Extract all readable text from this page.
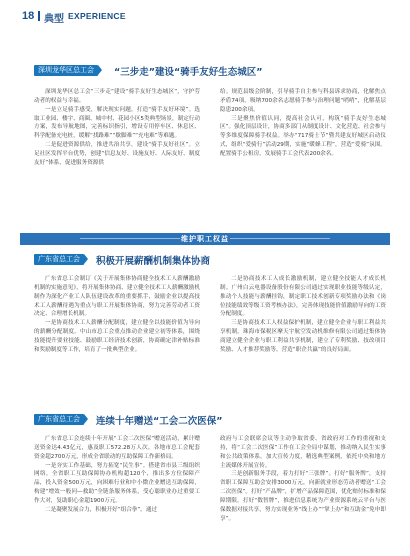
18 典型 EXPERIENCE
深圳龙华区总工会	“三步走”建设“骑手友好生态城区”

深圳龙华区总工会“三步走”建设“骑手友好生态城区”，守护劳动者的权益与幸福。

一是立足骑手感受，解决现实问题，打造“骑手友好环境”。选取工业园、楼宇、商圈、城中村、花园小区5类典型场景，制定行动方案，发布导航地图，完善标识指引，增设专用停车区、休息区、科学配备充电桩，缓解“找路难”“歇脚难”“充电难”等难题。

二是促进资源供给，推进共治共享，建设“骑手友好社区”。立足社区发挥平台优势，创建“信息友好、设施友好、人际友好、制度友好”体系，促进服务资源供

给。规范县级会阶制，引导骑手自主参与科县诉求协商，化解焦点矛盾74项。吸纳700余名志愿骑手参与治理问题“哨哨”，化解基层隐患200余项。

三是聚焦价值认同，提高社会认可，构筑“骑手友好生态城区”。强化顶层设计，协商多部门从制度设计、文化营造、社会参与等多维度保障骑手权益。举办“717骑士节”暨共建友好城区启动仪式，组织“爱骑行”活动29期，实施“暖蜂工程”，营造“爱骑”氛围。配置骑手公租房，发展骑手工会代表200余名。

维护职工权益
广东省总工会	积极开展薪酬机制集体协商

广东省总工会制订《关于开展集体协商健全技术工人薪酬激励机制的实施意见》，将开展集体协商、建立健全技术工人薪酬激励机制作为深化产业工人队伍建设改革的重要抓手，鼓励企业以提高技术工人薪酬待遇为重点与职工开展集体协商，努力完善劳动者工资决定、合理增长机制。

一是协商技术工人薪酬分配制度，建立健全以技能价值为导向的薪酬分配制度。中山市总工会重点推动企业建立初等体系，围绕技能提升要业技能、鼓励职工经济技术创新，协商确定津补贴标准和奖励制度等工作，培育了一批典型企业。

二是协商技术工人成长激励机制，建立健全技能人才成长机制。广州白云电器设备股份有限公司通过实现职业技能等级认定，推动个人技能与薪酬挂钩，制定职工技术创新专项奖励办法和《岗位技能绩效等级工资考核办法》，完善体现技能价值激励导向的工资分配制度。

三是协商技术工人权益保护机制，建立健全企业与职工利益共享机制。珠海市保税区摩天宇航空发动机维修有限公司通过集体协商建立健全企业与职工利益共享机制，建立了专利奖励、技改项目奖励、人才推荐奖励等，营造“职企共赢”的良好局面。

广东省总工会	连续十年赠送“工会二次医保”

广东省总工会连续十年开展“工会二次医保”赠送活动，累计赠送资金达4.43亿元，惠及职工572.28万人次。各地市总工会配套资金超2700万元，形成全省联动的互助保障工作新格局。

一是夯实工作基础，努力拓宽“民生事”。搭建省市县三级组织网络，全省职工互助保障协办机构超120个，推出多方位保障产品，投入资金500万元，向困难行业和中小微企业赠送互助保障，构建“增效一般问—救助”全链条服务体系，受心聪职业办过重要工作大对，复助职心金超1900万元。

二是凝聚发展合力，积极开好“组合拳”。通过

政府与工会联席会议等主动争取省委、省政府对工作的重视和支持，将“工会二次医保”工作在工会全局中谋划，推动纳入民生实事和公共政策体系。加大宣传力度，精选典型案例，依托中央和地方主流媒体开展宣传。

三是创新服务手段，着力打好“三张牌”。打好“服务牌”，支持省职工保障互助会安排3000万元，向新就业形态劳动者赠送“工会二次医保”。打好“产品牌”，扩增产品保障范围，优化赔付标准和保障期限。打好“数智牌”，推进信息系统为产业资源系统云平台与医保数据对接共享，努力实现业务“线上办”“掌上办”和互助金“免申即享”。
